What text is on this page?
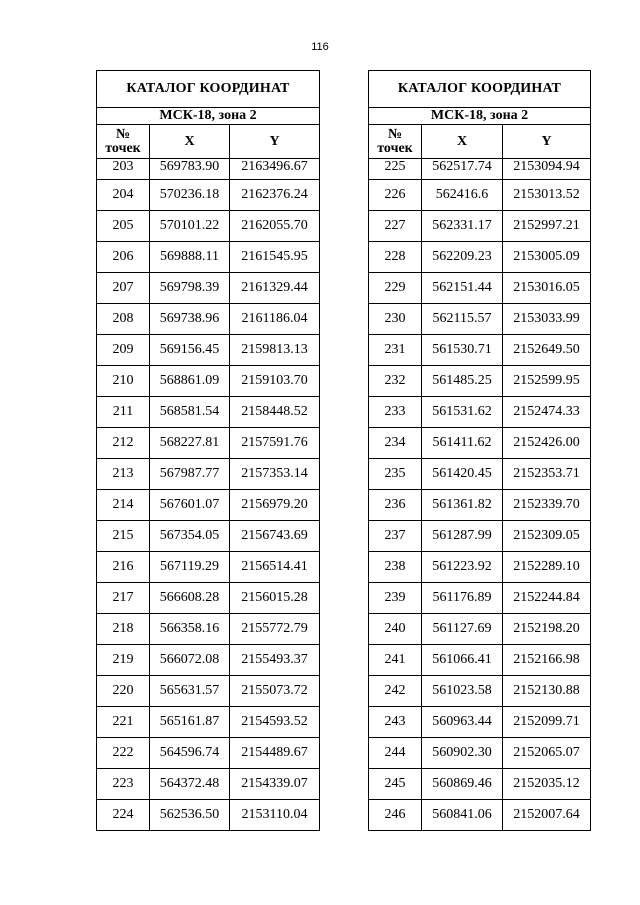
116
КАТАЛОГ КООРДИНАТ		
МСК-18, зона 2		
№
точек	X	Y
203	569783.90	2163496.67
204	570236.18	2162376.24
205	570101.22	2162055.70
206	569888.11	2161545.95
207	569798.39	2161329.44
208	569738.96	2161186.04
209	569156.45	2159813.13
210	568861.09	2159103.70
211	568581.54	2158448.52
212	568227.81	2157591.76
213	567987.77	2157353.14
214	567601.07	2156979.20
215	567354.05	2156743.69
216	567119.29	2156514.41
217	566608.28	2156015.28
218	566358.16	2155772.79
219	566072.08	2155493.37
220	565631.57	2155073.72
221	565161.87	2154593.52
222	564596.74	2154489.67
223	564372.48	2154339.07
224	562536.50	2153110.04
КАТАЛОГ КООРДИНАТ		
МСК-18, зона 2		
№
точек	X	Y
225	562517.74	2153094.94
226	562416.6	2153013.52
227	562331.17	2152997.21
228	562209.23	2153005.09
229	562151.44	2153016.05
230	562115.57	2153033.99
231	561530.71	2152649.50
232	561485.25	2152599.95
233	561531.62	2152474.33
234	561411.62	2152426.00
235	561420.45	2152353.71
236	561361.82	2152339.70
237	561287.99	2152309.05
238	561223.92	2152289.10
239	561176.89	2152244.84
240	561127.69	2152198.20
241	561066.41	2152166.98
242	561023.58	2152130.88
243	560963.44	2152099.71
244	560902.30	2152065.07
245	560869.46	2152035.12
246	560841.06	2152007.64
